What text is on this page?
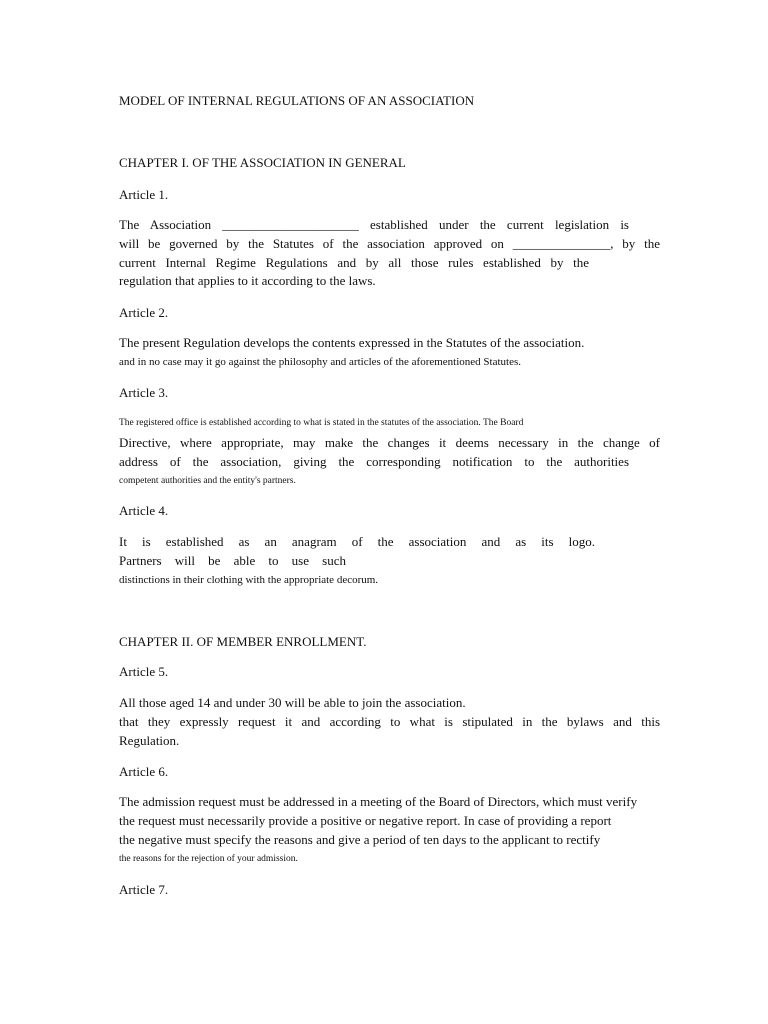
MODEL OF INTERNAL REGULATIONS OF AN ASSOCIATION
CHAPTER I. OF THE ASSOCIATION IN GENERAL
Article 1.
The Association _____________________ established under the current legislation is
will be governed by the Statutes of the association approved on _______________, by the
current Internal Regime Regulations and by all those rules established by the
regulation that applies to it according to the laws.
Article 2.
The present Regulation develops the contents expressed in the Statutes of the association.
and in no case may it go against the philosophy and articles of the aforementioned Statutes.
Article 3.
The registered office is established according to what is stated in the statutes of the association. The Board
Directive, where appropriate, may make the changes it deems necessary in the change of
address of the association, giving the corresponding notification to the authorities
competent authorities and the entity's partners.
Article 4.
It is established as an anagram of the association and as its logo.
Partners will be able to use such
distinctions in their clothing with the appropriate decorum.
CHAPTER II. OF MEMBER ENROLLMENT.
Article 5.
All those aged 14 and under 30 will be able to join the association.
that they expressly request it and according to what is stipulated in the bylaws and this
Regulation.
Article 6.
The admission request must be addressed in a meeting of the Board of Directors, which must verify
the request must necessarily provide a positive or negative report. In case of providing a report
the negative must specify the reasons and give a period of ten days to the applicant to rectify
the reasons for the rejection of your admission.
Article 7.
